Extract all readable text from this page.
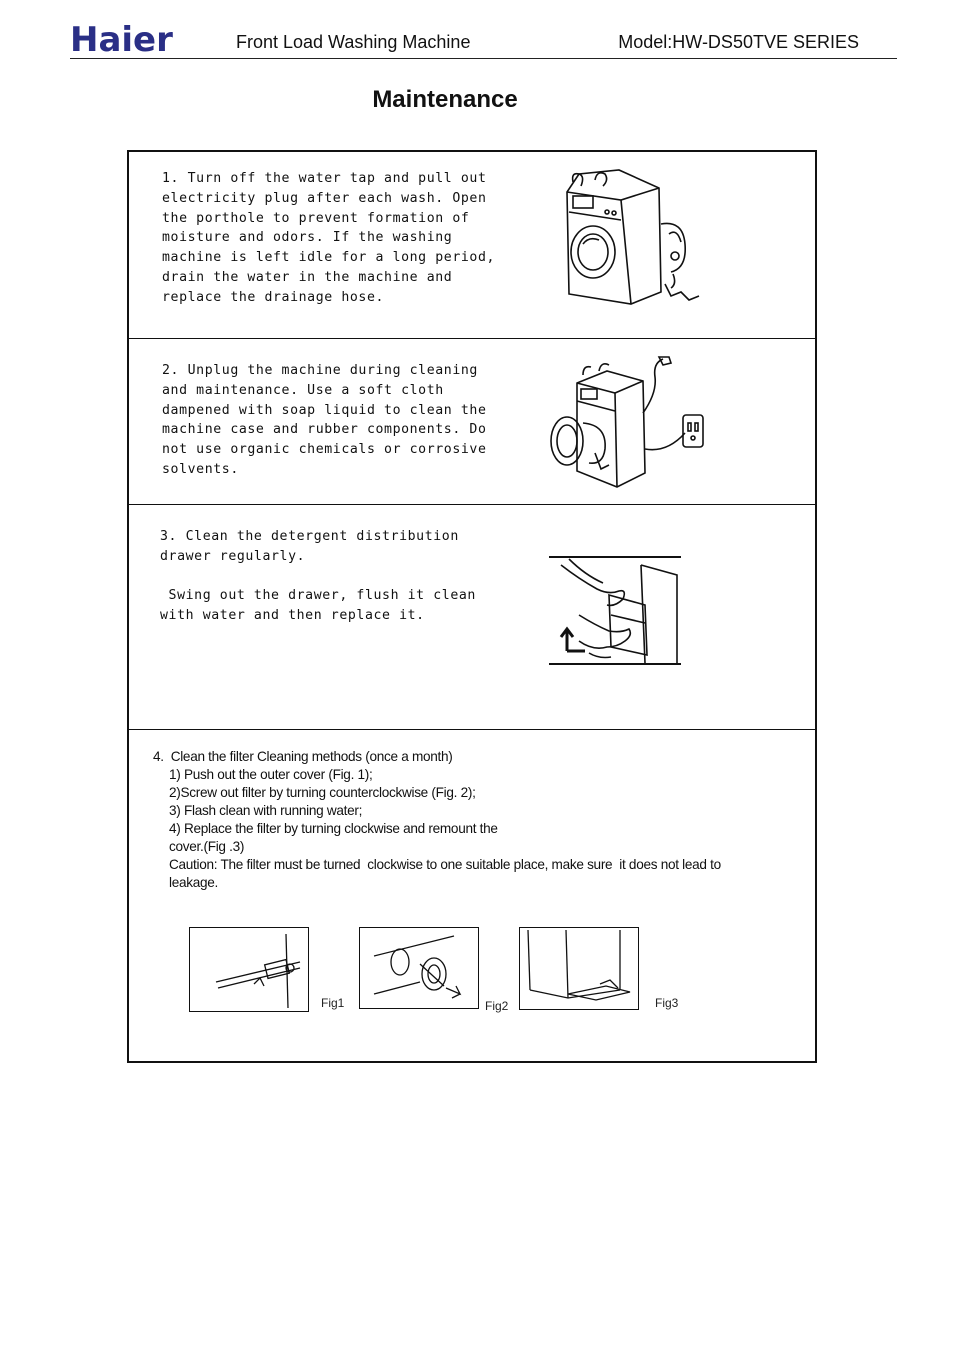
Haier	Front Load Washing Machine	Model:HW-DS50TVE SERIES
Maintenance
1. Turn off the water tap and pull out
electricity plug after each wash. Open
the porthole to prevent formation of
moisture and odors. If the washing
machine is left idle for a long period,
drain the water in the machine and
replace the drainage hose.
2. Unplug the machine during cleaning
and maintenance. Use a soft cloth
dampened with soap liquid to clean the
machine case and rubber components. Do
not use organic chemicals or corrosive
solvents.
3. Clean the detergent distribution
drawer regularly.

Swing out the drawer, flush it clean
with water and then replace it.
4.  Clean the filter Cleaning methods (once a month)
1) Push out the outer cover (Fig. 1);
2)Screw out filter by turning counterclockwise (Fig. 2);
3) Flash clean with running water;
4) Replace the filter by turning clockwise and remount the
cover.(Fig .3)
Caution: The filter must be turned  clockwise to one suitable place, make sure  it does not lead to
leakage.
Fig1	Fig2	Fig3
